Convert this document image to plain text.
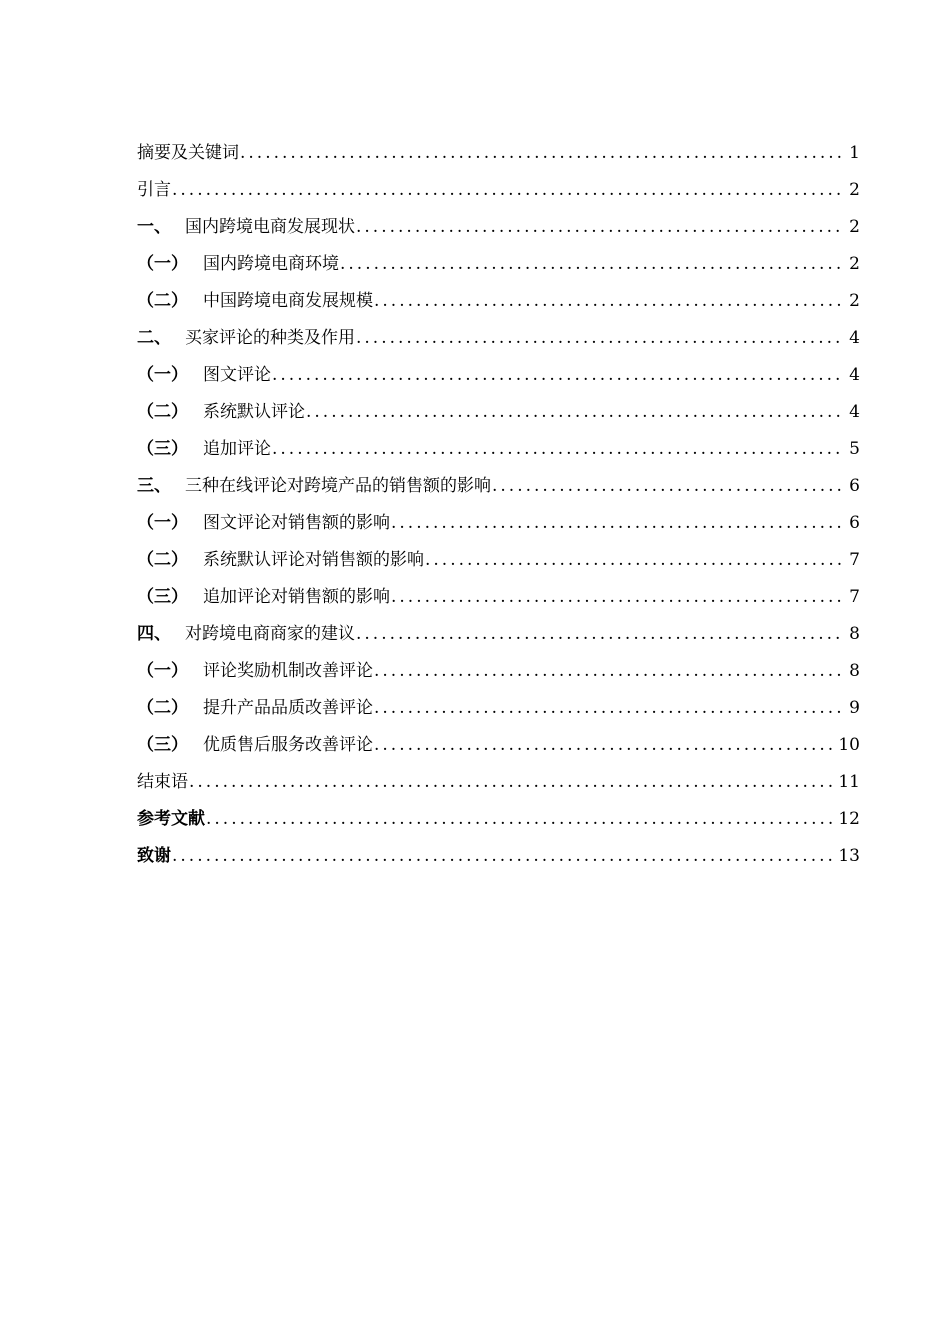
摘要及关键词 .....	1
引言 .....	2
一、 国内跨境电商发展现状 .....	2
（一） 国内跨境电商环境 .....	2
（二） 中国跨境电商发展规模 .....	2
二、 买家评论的种类及作用 .....	4
（一） 图文评论 .....	4
（二） 系统默认评论 .....	4
（三） 追加评论 .....	5
三、 三种在线评论对跨境产品的销售额的影响 .....	6
（一） 图文评论对销售额的影响 .....	6
（二） 系统默认评论对销售额的影响 .....	7
（三） 追加评论对销售额的影响 .....	7
四、 对跨境电商商家的建议 .....	8
（一） 评论奖励机制改善评论 .....	8
（二） 提升产品品质改善评论 .....	9
（三） 优质售后服务改善评论 .....	10
结束语 .....	11
参考文献 .....	12
致谢 .....	13
